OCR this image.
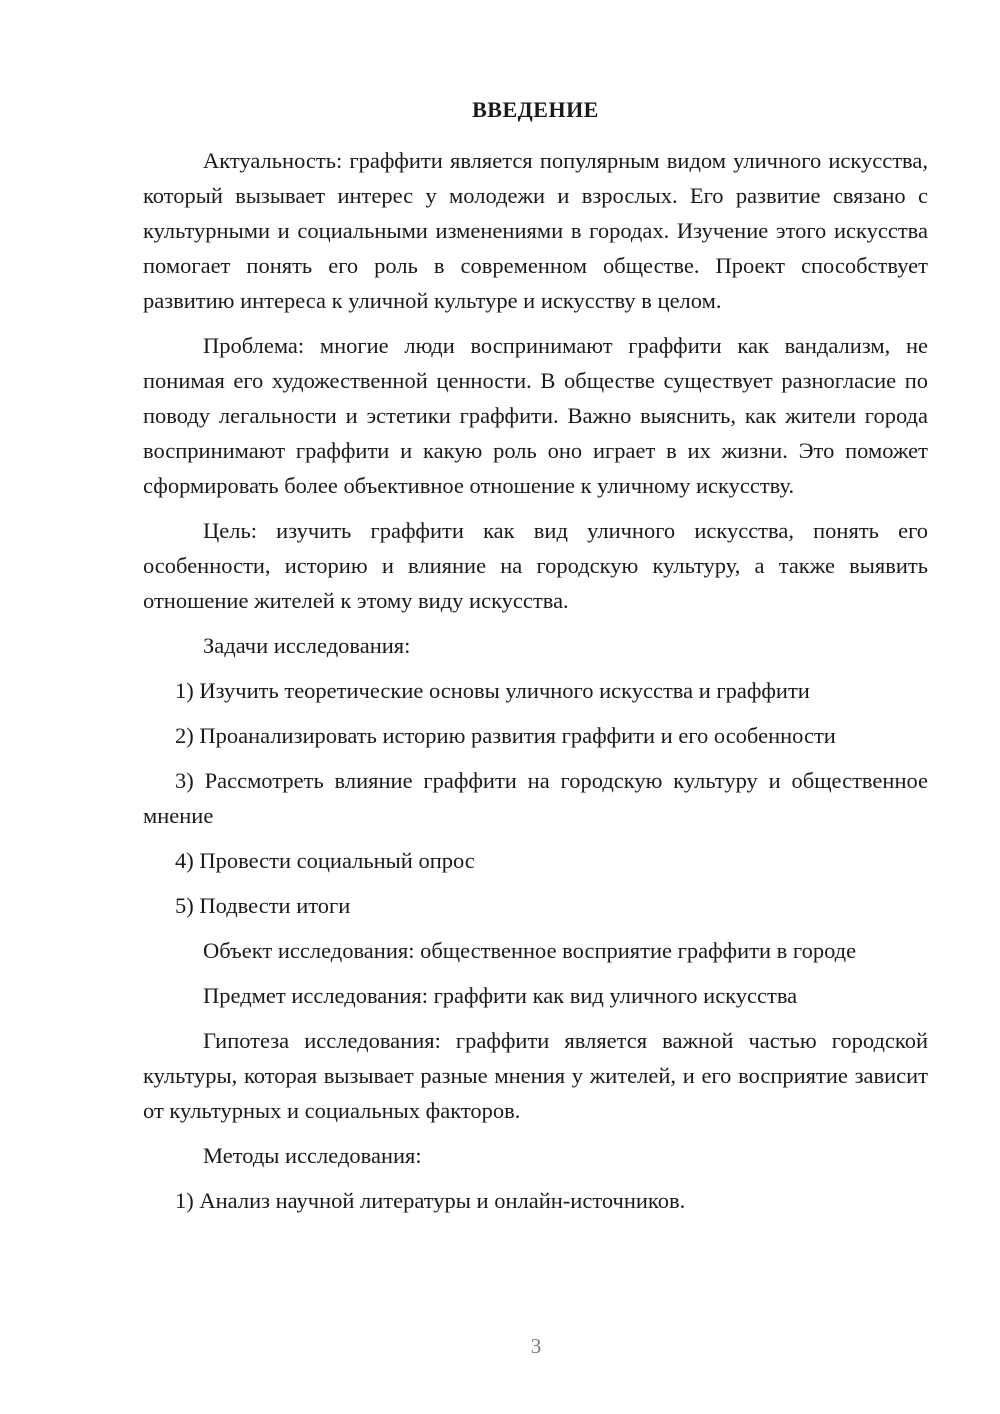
ВВЕДЕНИЕ

Актуальность: граффити является популярным видом уличного искусства, который вызывает интерес у молодежи и взрослых. Его развитие связано с культурными и социальными изменениями в городах. Изучение этого искусства помогает понять его роль в современном обществе. Проект способствует развитию интереса к уличной культуре и искусству в целом.

Проблема: многие люди воспринимают граффити как вандализм, не понимая его художественной ценности. В обществе существует разногласие по поводу легальности и эстетики граффити. Важно выяснить, как жители города воспринимают граффити и какую роль оно играет в их жизни. Это поможет сформировать более объективное отношение к уличному искусству.

Цель: изучить граффити как вид уличного искусства, понять его особенности, историю и влияние на городскую культуру, а также выявить отношение жителей к этому виду искусства.

Задачи исследования:

1) Изучить теоретические основы уличного искусства и граффити

2) Проанализировать историю развития граффити и его особенности

3) Рассмотреть влияние граффити на городскую культуру и общественное мнение

4) Провести социальный опрос

5) Подвести итоги

Объект исследования: общественное восприятие граффити в городе

Предмет исследования: граффити как вид уличного искусства

Гипотеза исследования: граффити является важной частью городской культуры, которая вызывает разные мнения у жителей, и его восприятие зависит от культурных и социальных факторов.

Методы исследования:

1) Анализ научной литературы и онлайн-источников.

3
